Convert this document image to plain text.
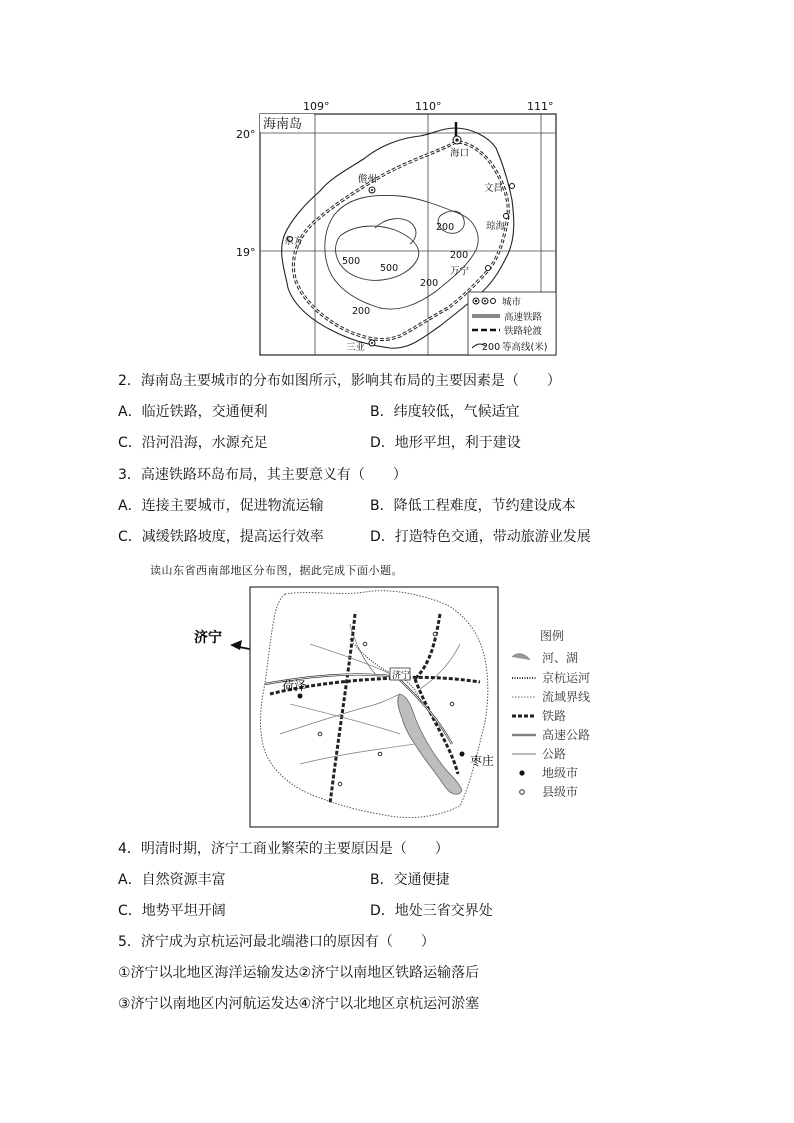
109°	110°	111°
20°
19°
海南岛
200
500
500
200
200
200
海口
儋州
文昌
琼海
东方
万宁
三亚
城市
高速铁路
铁路轮渡
200 等高线(米)
2．海南岛主要城市的分布如图所示，影响其布局的主要因素是（　　）
A．临近铁路，交通便利	B．纬度较低，气候适宜
C．沿河沿海，水源充足	D．地形平坦，利于建设
3．高速铁路环岛布局，其主要意义有（　　）
A．连接主要城市，促进物流运输	B．降低工程难度，节约建设成本
C．减缓铁路坡度，提高运行效率	D．打造特色交通，带动旅游业发展
读山东省西南部地区分布图，据此完成下面小题。
济宁
荷泽
枣庄
济宁
图例
河、湖
京杭运河
流域界线
铁路
高速公路
公路
地级市
县级市
4．明清时期，济宁工商业繁荣的主要原因是（　　）
A．自然资源丰富	B．交通便捷
C．地势平坦开阔	D．地处三省交界处
5．济宁成为京杭运河最北端港口的原因有（　　）
①济宁以北地区海洋运输发达②济宁以南地区铁路运输落后
③济宁以南地区内河航运发达④济宁以北地区京杭运河淤塞
